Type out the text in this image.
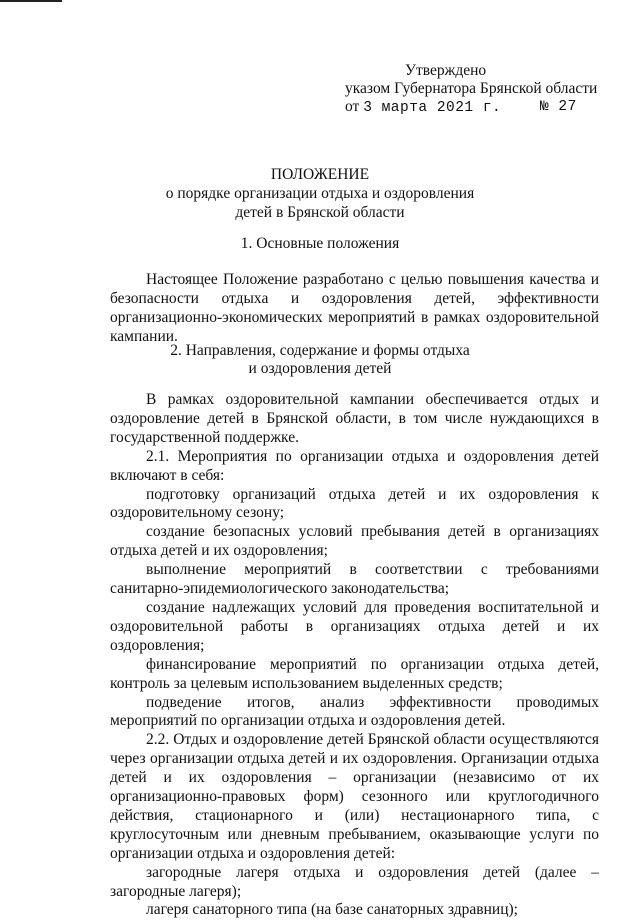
Утверждено
указом Губернатора Брянской области
от 3 марта 2021 г.	№ 27
ПОЛОЖЕНИЕ
о порядке организации отдыха и оздоровления
детей в Брянской области
1. Основные положения

Настоящее Положение разработано с целью повышения качества и безопасности отдыха и оздоровления детей, эффективности организационно-экономических мероприятий в рамках оздоровительной кампании.

2. Направления, содержание и формы отдыха
и оздоровления детей

В рамках оздоровительной кампании обеспечивается отдых и оздоровление детей в Брянской области, в том числе нуждающихся в государственной поддержке.

2.1. Мероприятия по организации отдыха и оздоровления детей включают в себя:

подготовку организаций отдыха детей и их оздоровления к оздоровительному сезону;

создание безопасных условий пребывания детей в организациях отдыха детей и их оздоровления;

выполнение мероприятий в соответствии с требованиями санитарно-эпидемиологического законодательства;

создание надлежащих условий для проведения воспитательной и оздоровительной работы в организациях отдыха детей и их оздоровления;

финансирование мероприятий по организации отдыха детей, контроль за целевым использованием выделенных средств;

подведение итогов, анализ эффективности проводимых мероприятий по организации отдыха и оздоровления детей.

2.2. Отдых и оздоровление детей Брянской области осуществляются через организации отдыха детей и их оздоровления. Организации отдыха детей и их оздоровления – организации (независимо от их организационно-правовых форм) сезонного или круглогодичного действия, стационарного и (или) нестационарного типа, с круглосуточным или дневным пребыванием, оказывающие услуги по организации отдыха и оздоровления детей:

загородные лагеря отдыха и оздоровления детей (далее – загородные лагеря);

лагеря санаторного типа (на базе санаторных здравниц);
